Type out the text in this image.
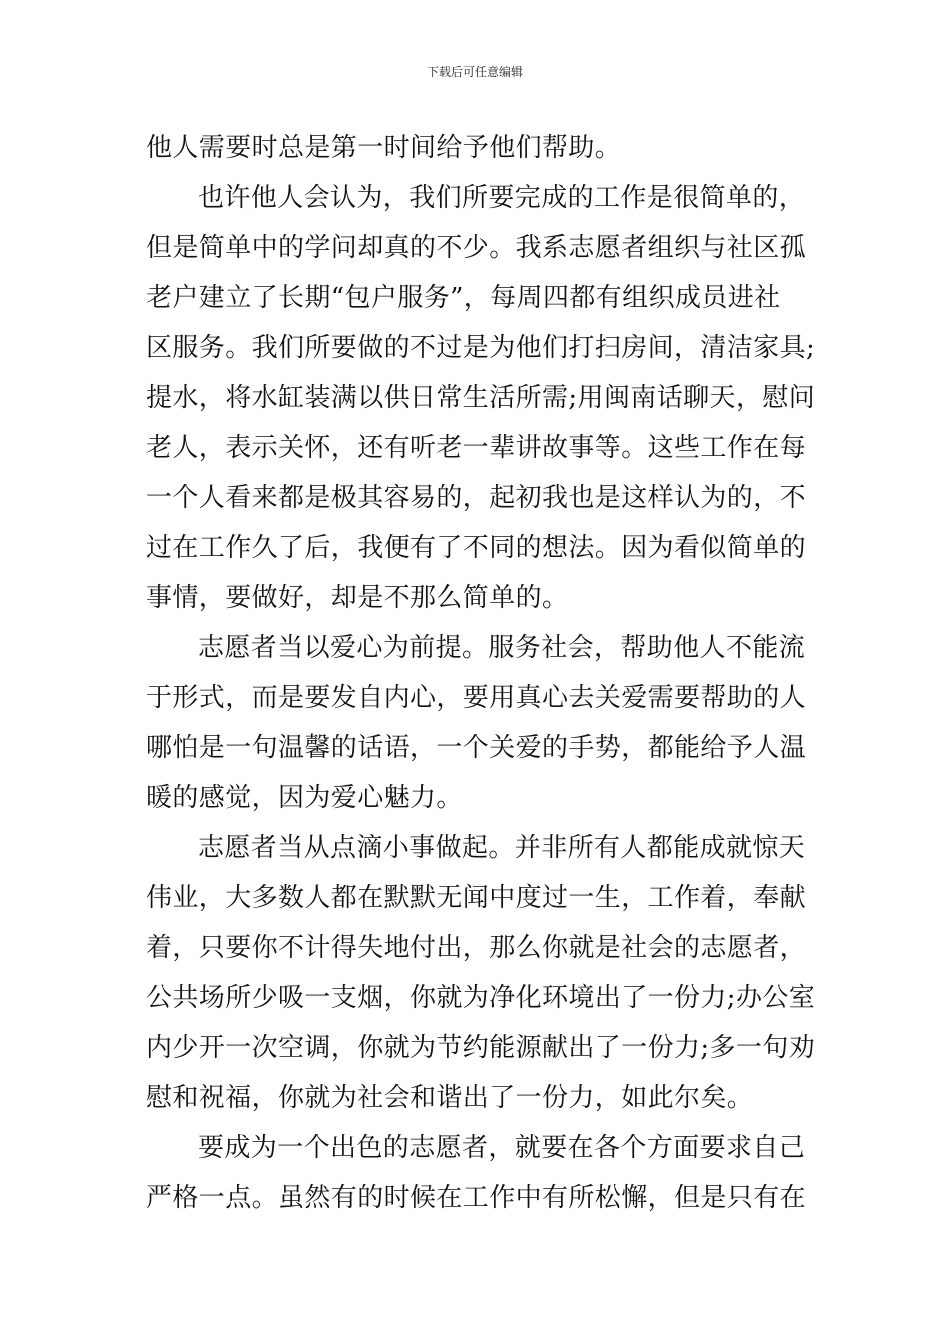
下载后可任意编辑
他人需要时总是第一时间给予他们帮助。
也许他人会认为，我们所要完成的工作是很简单的，
但是简单中的学问却真的不少。我系志愿者组织与社区孤
老户建立了长期“包户服务”，每周四都有组织成员进社
区服务。我们所要做的不过是为他们打扫房间，清洁家具;
提水，将水缸装满以供日常生活所需;用闽南话聊天，慰问
老人，表示关怀，还有听老一辈讲故事等。这些工作在每
一个人看来都是极其容易的，起初我也是这样认为的，不
过在工作久了后，我便有了不同的想法。因为看似简单的
事情，要做好，却是不那么简单的。
志愿者当以爱心为前提。服务社会，帮助他人不能流
于形式，而是要发自内心，要用真心去关爱需要帮助的人
哪怕是一句温馨的话语，一个关爱的手势，都能给予人温
暖的感觉，因为爱心魅力。
志愿者当从点滴小事做起。并非所有人都能成就惊天
伟业，大多数人都在默默无闻中度过一生，工作着，奉献
着，只要你不计得失地付出，那么你就是社会的志愿者，
公共场所少吸一支烟，你就为净化环境出了一份力;办公室
内少开一次空调，你就为节约能源献出了一份力;多一句劝
慰和祝福，你就为社会和谐出了一份力，如此尔矣。
要成为一个出色的志愿者，就要在各个方面要求自己
严格一点。虽然有的时候在工作中有所松懈，但是只有在
